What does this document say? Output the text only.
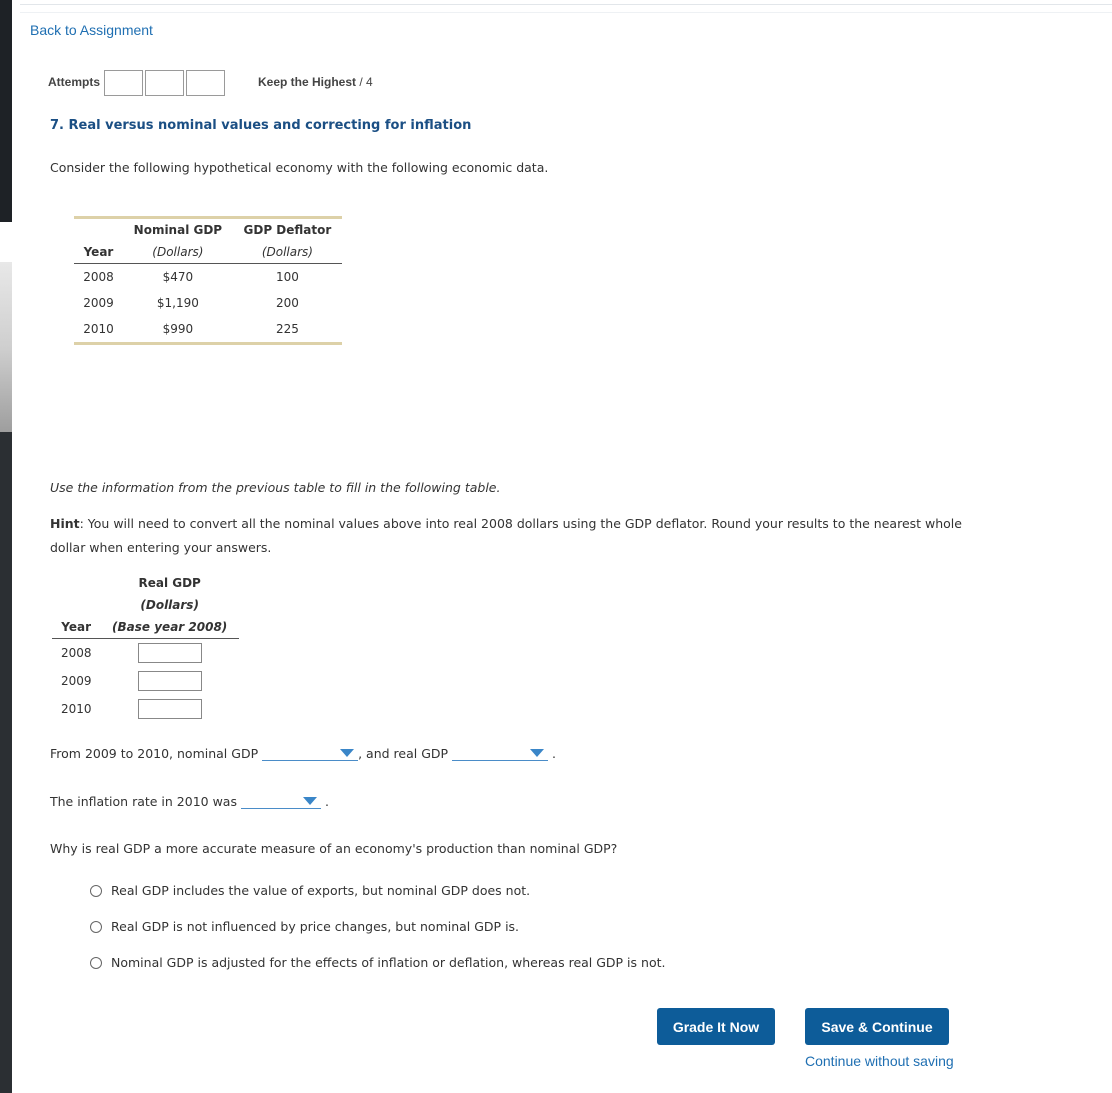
Back to Assignment
Attempts	Keep the Highest / 4
7. Real versus nominal values and correcting for inflation
Consider the following hypothetical economy with the following economic data.
	Nominal GDP	GDP Deflator
Year	(Dollars)	(Dollars)
2008	$470	100
2009	$1,190	200
2010	$990	225
Use the information from the previous table to fill in the following table.
Hint: You will need to convert all the nominal values above into real 2008 dollars using the GDP deflator. Round your results to the nearest whole
dollar when entering your answers.
	Real GDP
	(Dollars)
Year	(Base year 2008)
2008	
2009	
2010	
From 2009 to 2010, nominal GDP	, and real GDP	.
The inflation rate in 2010 was	.
Why is real GDP a more accurate measure of an economy's production than nominal GDP?
Real GDP includes the value of exports, but nominal GDP does not.
Real GDP is not influenced by price changes, but nominal GDP is.
Nominal GDP is adjusted for the effects of inflation or deflation, whereas real GDP is not.
Grade It Now	Save & Continue
Continue without saving
